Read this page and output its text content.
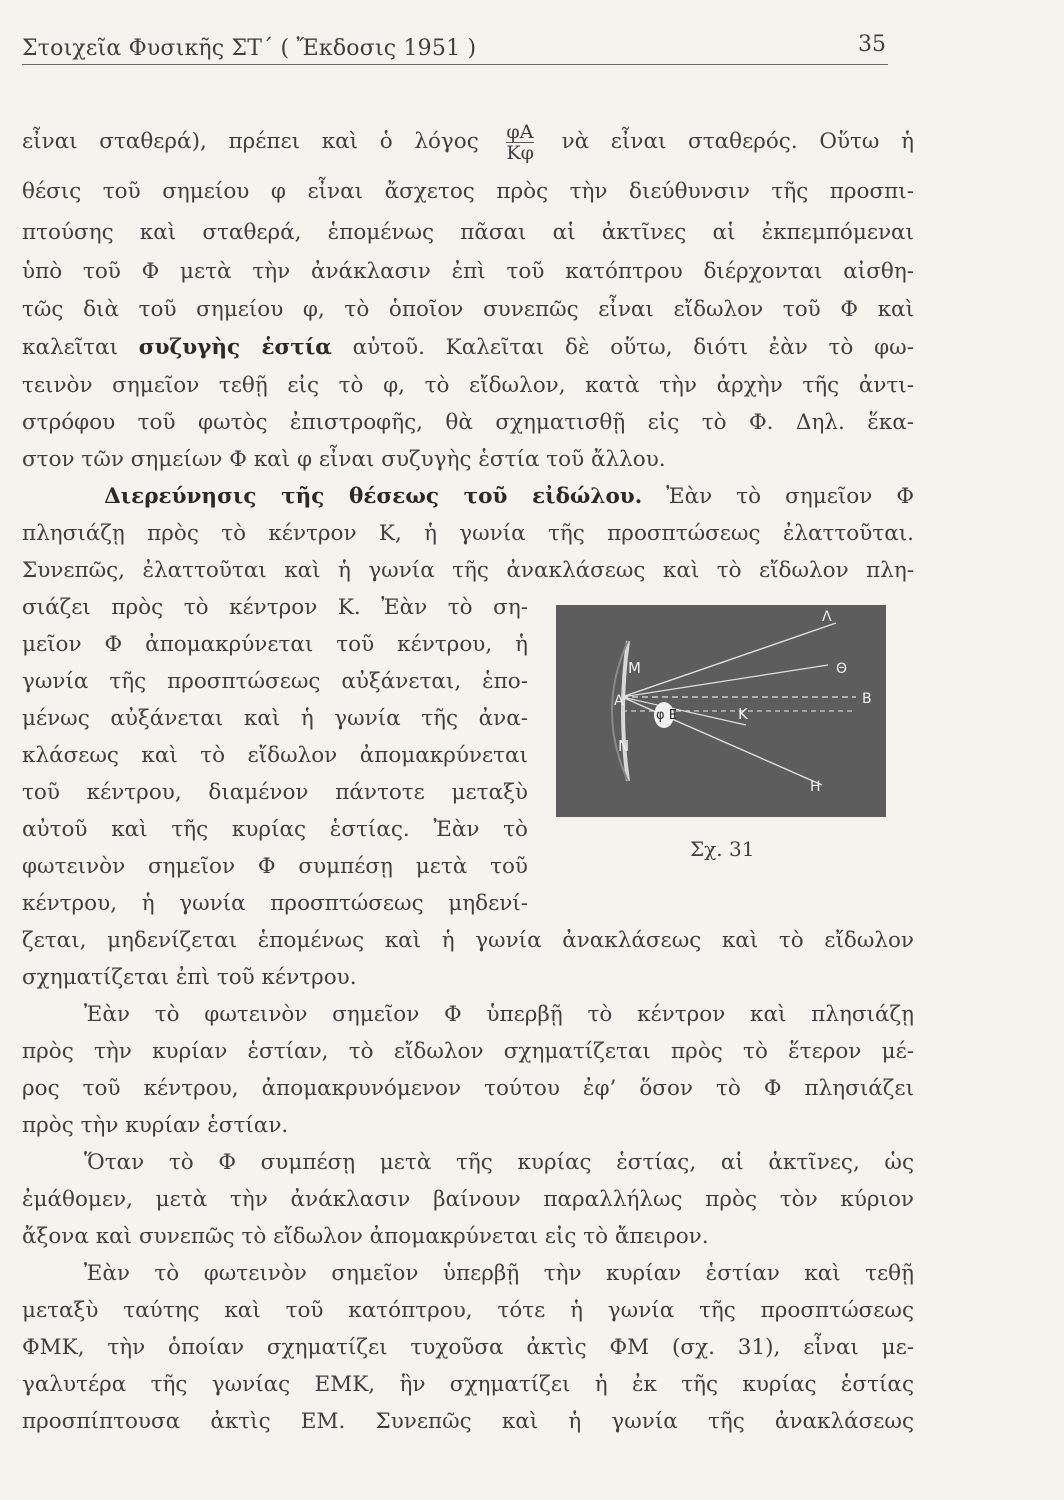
Στοιχεῖα Φυσικῆς ΣΤ΄ ( Ἔκδοσις 1951 )	35
εἶναι σταθερά), πρέπει καὶ ὁ λόγος $\frac{\varphi A}{K\varphi}$ νὰ εἶναι σταθερός. Οὕτω ἡ
θέσις τοῦ σημείου φ εἶναι ἄσχετος πρὸς τὴν διεύθυνσιν τῆς προσπι-
πτούσης καὶ σταθερά, ἑπομένως πᾶσαι αἱ ἀκτῖνες αἱ ἐκπεμπόμεναι
ὑπὸ τοῦ Φ μετὰ τὴν ἀνάκλασιν ἐπὶ τοῦ κατόπτρου διέρχονται αἰσθη-
τῶς διὰ τοῦ σημείου φ, τὸ ὁποῖον συνεπῶς εἶναι εἴδωλον τοῦ Φ καὶ
καλεῖται συζυγὴς ἑστία αὐτοῦ. Καλεῖται δὲ οὕτω, διότι ἐὰν τὸ φω-
τεινὸν σημεῖον τεθῇ εἰς τὸ φ, τὸ εἴδωλον, κατὰ τὴν ἀρχὴν τῆς ἀντι-
στρόφου τοῦ φωτὸς ἐπιστροφῆς, θὰ σχηματισθῇ εἰς τὸ Φ. Δηλ. ἕκα-
στον τῶν σημείων Φ καὶ φ εἶναι συζυγὴς ἑστία τοῦ ἄλλου.
Διερεύνησις τῆς θέσεως τοῦ εἰδώλου. Ἐὰν τὸ σημεῖον Φ
πλησιάζῃ πρὸς τὸ κέντρον Κ, ἡ γωνία τῆς προσπτώσεως ἐλαττοῦται.
Συνεπῶς, ἐλαττοῦται καὶ ἡ γωνία τῆς ἀνακλάσεως καὶ τὸ εἴδωλον πλη-
σιάζει πρὸς τὸ κέντρον Κ. Ἐὰν τὸ ση-
μεῖον Φ ἀπομακρύνεται τοῦ κέντρου, ἡ
γωνία τῆς προσπτώσεως αὐξάνεται, ἑπο-
μένως αὐξάνεται καὶ ἡ γωνία τῆς ἀνα-
κλάσεως καὶ τὸ εἴδωλον ἀπομακρύνεται
τοῦ κέντρου, διαμένον πάντοτε μεταξὺ
αὐτοῦ καὶ τῆς κυρίας ἑστίας. Ἐὰν τὸ
φωτεινὸν σημεῖον Φ συμπέσῃ μετὰ τοῦ
κέντρου, ἡ γωνία προσπτώσεως μηδενί-
Μ
Α
Ν
φ Ε	Κ
Λ
Θ
Β
Η
Σχ. 31
ζεται, μηδενίζεται ἑπομένως καὶ ἡ γωνία ἀνακλάσεως καὶ τὸ εἴδωλον
σχηματίζεται ἐπὶ τοῦ κέντρου.
Ἐὰν τὸ φωτεινὸν σημεῖον Φ ὑπερβῇ τὸ κέντρον καὶ πλησιάζῃ
πρὸς τὴν κυρίαν ἑστίαν, τὸ εἴδωλον σχηματίζεται πρὸς τὸ ἕτερον μέ-
ρος τοῦ κέντρου, ἀπομακρυνόμενον τούτου ἐφ’ ὅσον τὸ Φ πλησιάζει
πρὸς τὴν κυρίαν ἑστίαν.
Ὅταν τὸ Φ συμπέσῃ μετὰ τῆς κυρίας ἑστίας, αἱ ἀκτῖνες, ὡς
ἐμάθομεν, μετὰ τὴν ἀνάκλασιν βαίνουν παραλλήλως πρὸς τὸν κύριον
ἄξονα καὶ συνεπῶς τὸ εἴδωλον ἀπομακρύνεται εἰς τὸ ἄπειρον.
Ἐὰν τὸ φωτεινὸν σημεῖον ὑπερβῇ τὴν κυρίαν ἑστίαν καὶ τεθῇ
μεταξὺ ταύτης καὶ τοῦ κατόπτρου, τότε ἡ γωνία τῆς προσπτώσεως
ΦΜΚ, τὴν ὁποίαν σχηματίζει τυχοῦσα ἀκτὶς ΦΜ (σχ. 31), εἶναι με-
γαλυτέρα τῆς γωνίας ΕΜΚ, ἣν σχηματίζει ἡ ἐκ τῆς κυρίας ἑστίας
προσπίπτουσα ἀκτὶς ΕΜ. Συνεπῶς καὶ ἡ γωνία τῆς ἀνακλάσεως
